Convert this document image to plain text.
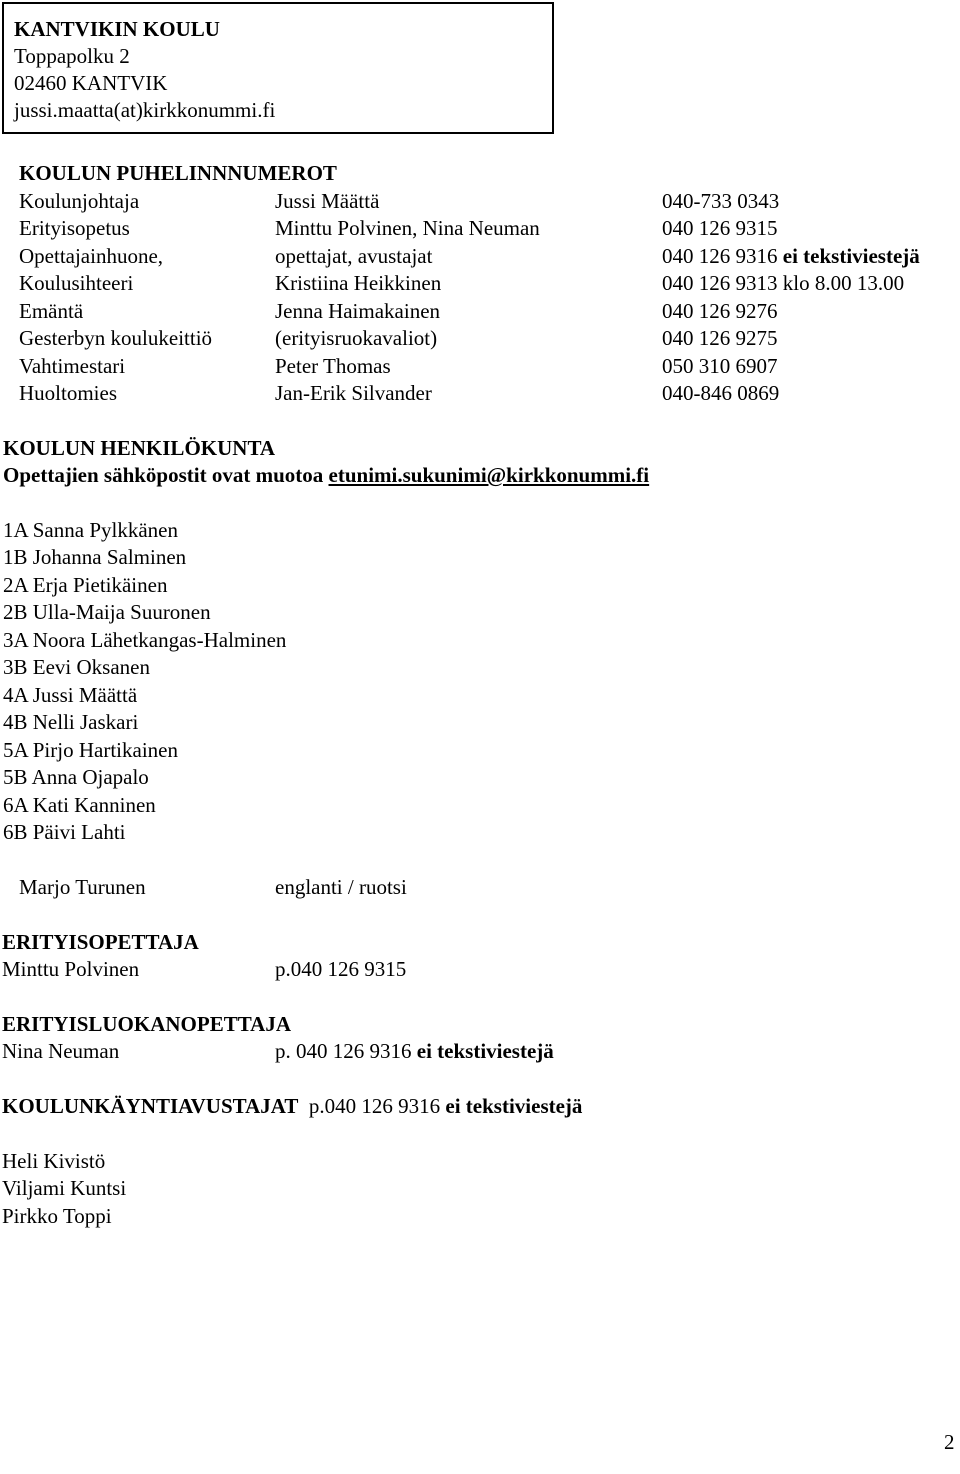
KANTVIKIN KOULU
Toppapolku 2
02460 KANTVIK
jussi.maatta(at)kirkkonummi.fi
KOULUN PUHELINNNUMEROT
Koulunjohtaja	Jussi Määttä	040-733 0343
Erityisopetus	Minttu Polvinen, Nina Neuman	040 126 9315
Opettajainhuone,	opettajat, avustajat	040 126 9316 ei tekstiviestejä
Koulusihteeri	Kristiina Heikkinen	040 126 9313 klo 8.00 13.00
Emäntä	Jenna Haimakainen	040 126 9276
Gesterbyn koulukeittiö	(erityisruokavaliot)	040 126 9275
Vahtimestari	Peter Thomas	050 310 6907
Huoltomies	Jan-Erik Silvander	040-846 0869
KOULUN HENKILÖKUNTA
Opettajien sähköpostit ovat muotoa etunimi.sukunimi@kirkkonummi.fi
1A Sanna Pylkkänen
1B Johanna Salminen
2A Erja Pietikäinen
2B Ulla-Maija Suuronen
3A Noora Lähetkangas-Halminen
3B Eevi Oksanen
4A Jussi Määttä
4B Nelli Jaskari
5A Pirjo Hartikainen
5B Anna Ojapalo
6A Kati Kanninen
6B Päivi Lahti
Marjo Turunen	englanti / ruotsi
ERITYISOPETTAJA
Minttu Polvinen	p.040 126 9315
ERITYISLUOKANOPETTAJA
Nina Neuman	p. 040 126 9316 ei tekstiviestejä
KOULUNKÄYNTIAVUSTAJAT p.040 126 9316 ei tekstiviestejä
Heli Kivistö
Viljami Kuntsi
Pirkko Toppi
2
